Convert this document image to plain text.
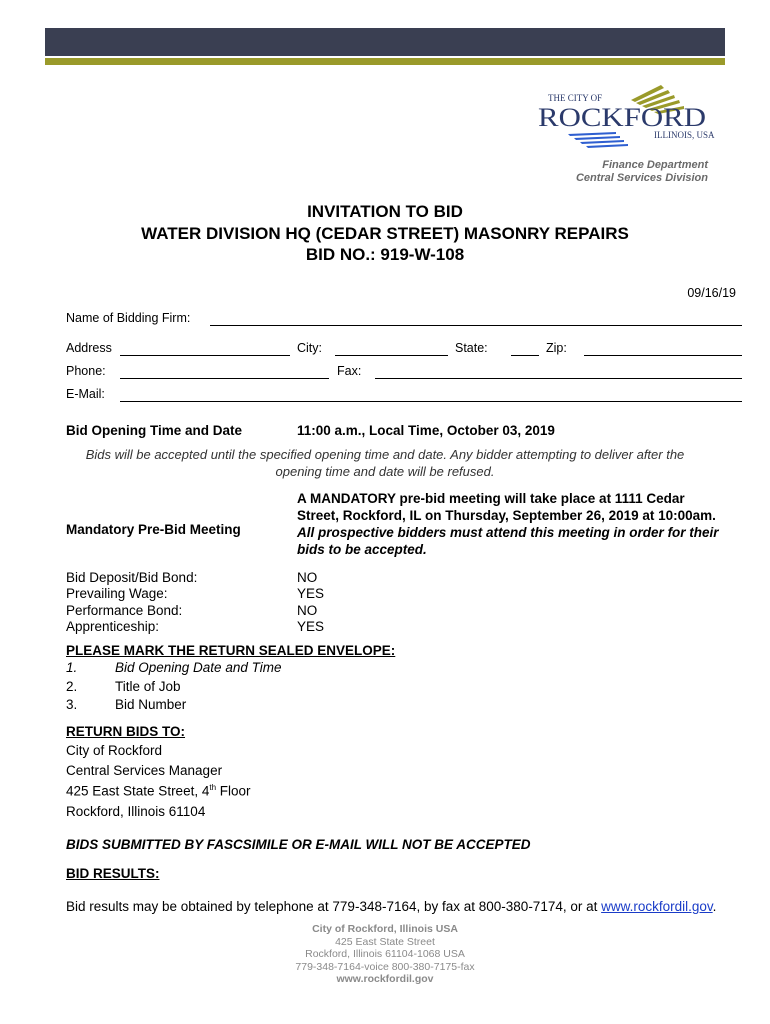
THE CITY OF
ROCKFORD
ILLINOIS, USA
Finance Department
Central Services Division
INVITATION TO BID
WATER DIVISION HQ (CEDAR STREET) MASONRY REPAIRS
BID NO.: 919-W-108
09/16/19
Name of Bidding Firm:
Address	City:	State:	Zip:
Phone:	Fax:
E-Mail:
Bid Opening Time and Date	11:00 a.m., Local Time, October 03, 2019
Bids will be accepted until the specified opening time and date. Any bidder attempting to deliver after the
opening time and date will be refused.
Mandatory Pre-Bid Meeting
A MANDATORY pre-bid meeting will take place at 1111 Cedar
Street, Rockford, IL on Thursday, September 26, 2019 at 10:00am.
All prospective bidders must attend this meeting in order for their
bids to be accepted.
Bid Deposit/Bid Bond:	NO
Prevailing Wage:	YES
Performance Bond:	NO
Apprenticeship:	YES
PLEASE MARK THE RETURN SEALED ENVELOPE:
1.	Bid Opening Date and Time
2.	Title of Job
3.	Bid Number
RETURN BIDS TO:
City of Rockford
Central Services Manager
425 East State Street, 4th Floor
Rockford, Illinois 61104
BIDS SUBMITTED BY FASCSIMILE OR E-MAIL WILL NOT BE ACCEPTED
BID RESULTS:
Bid results may be obtained by telephone at 779-348-7164, by fax at 800-380-7174, or at www.rockfordil.gov.
City of Rockford, Illinois USA
425 East State Street
Rockford, Illinois 61104-1068 USA
779-348-7164-voice 800-380-7175-fax
www.rockfordil.gov
